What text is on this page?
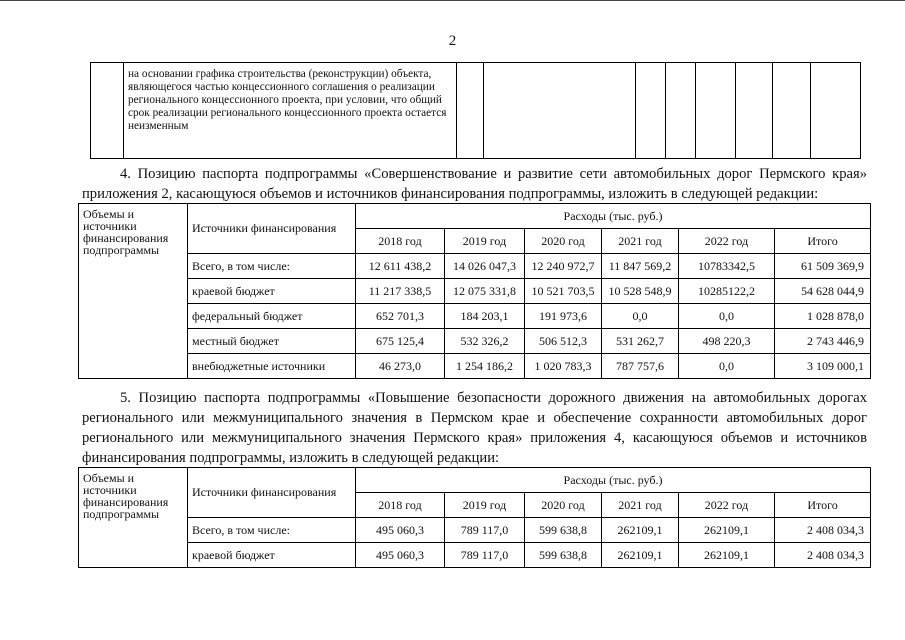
2
	на основании графика строительства (реконструкции) объекта, являющегося частью концессионного соглашения о реализации регионального концессионного проекта, при условии, что общий срок реализации регионального концессионного проекта остается неизменным								
4. Позицию паспорта подпрограммы «Совершенствование и развитие сети автомобильных дорог Пермского края» приложения 2, касающуюся объемов и источников финансирования подпрограммы, изложить в следующей редакции:
Объемы и источники финансирования подпрограммы	Источники финансирования	Расходы (тыс. руб.)					
		2018 год	2019 год	2020 год	2021 год	2022 год	Итого
	Всего, в том числе:	12 611 438,2	14 026 047,3	12 240 972,7	11 847 569,2	10783342,5	61 509 369,9
	краевой бюджет	11 217 338,5	12 075 331,8	10 521 703,5	10 528 548,9	10285122,2	54 628 044,9
	федеральный бюджет	652 701,3	184 203,1	191 973,6	0,0	0,0	1 028 878,0
	местный бюджет	675 125,4	532 326,2	506 512,3	531 262,7	498 220,3	2 743 446,9
	внебюджетные источники	46 273,0	1 254 186,2	1 020 783,3	787 757,6	0,0	3 109 000,1
5. Позицию паспорта подпрограммы «Повышение безопасности дорожного движения на автомобильных дорогах регионального или межмуниципального значения в Пермском крае и обеспечение сохранности автомобильных дорог регионального или межмуниципального значения Пермского края» приложения 4, касающуюся объемов и источников финансирования подпрограммы, изложить в следующей редакции:
Объемы и источники финансирования подпрограммы	Источники финансирования	Расходы (тыс. руб.)					
		2018 год	2019 год	2020 год	2021 год	2022 год	Итого
	Всего, в том числе:	495 060,3	789 117,0	599 638,8	262109,1	262109,1	2 408 034,3
	краевой бюджет	495 060,3	789 117,0	599 638,8	262109,1	262109,1	2 408 034,3
